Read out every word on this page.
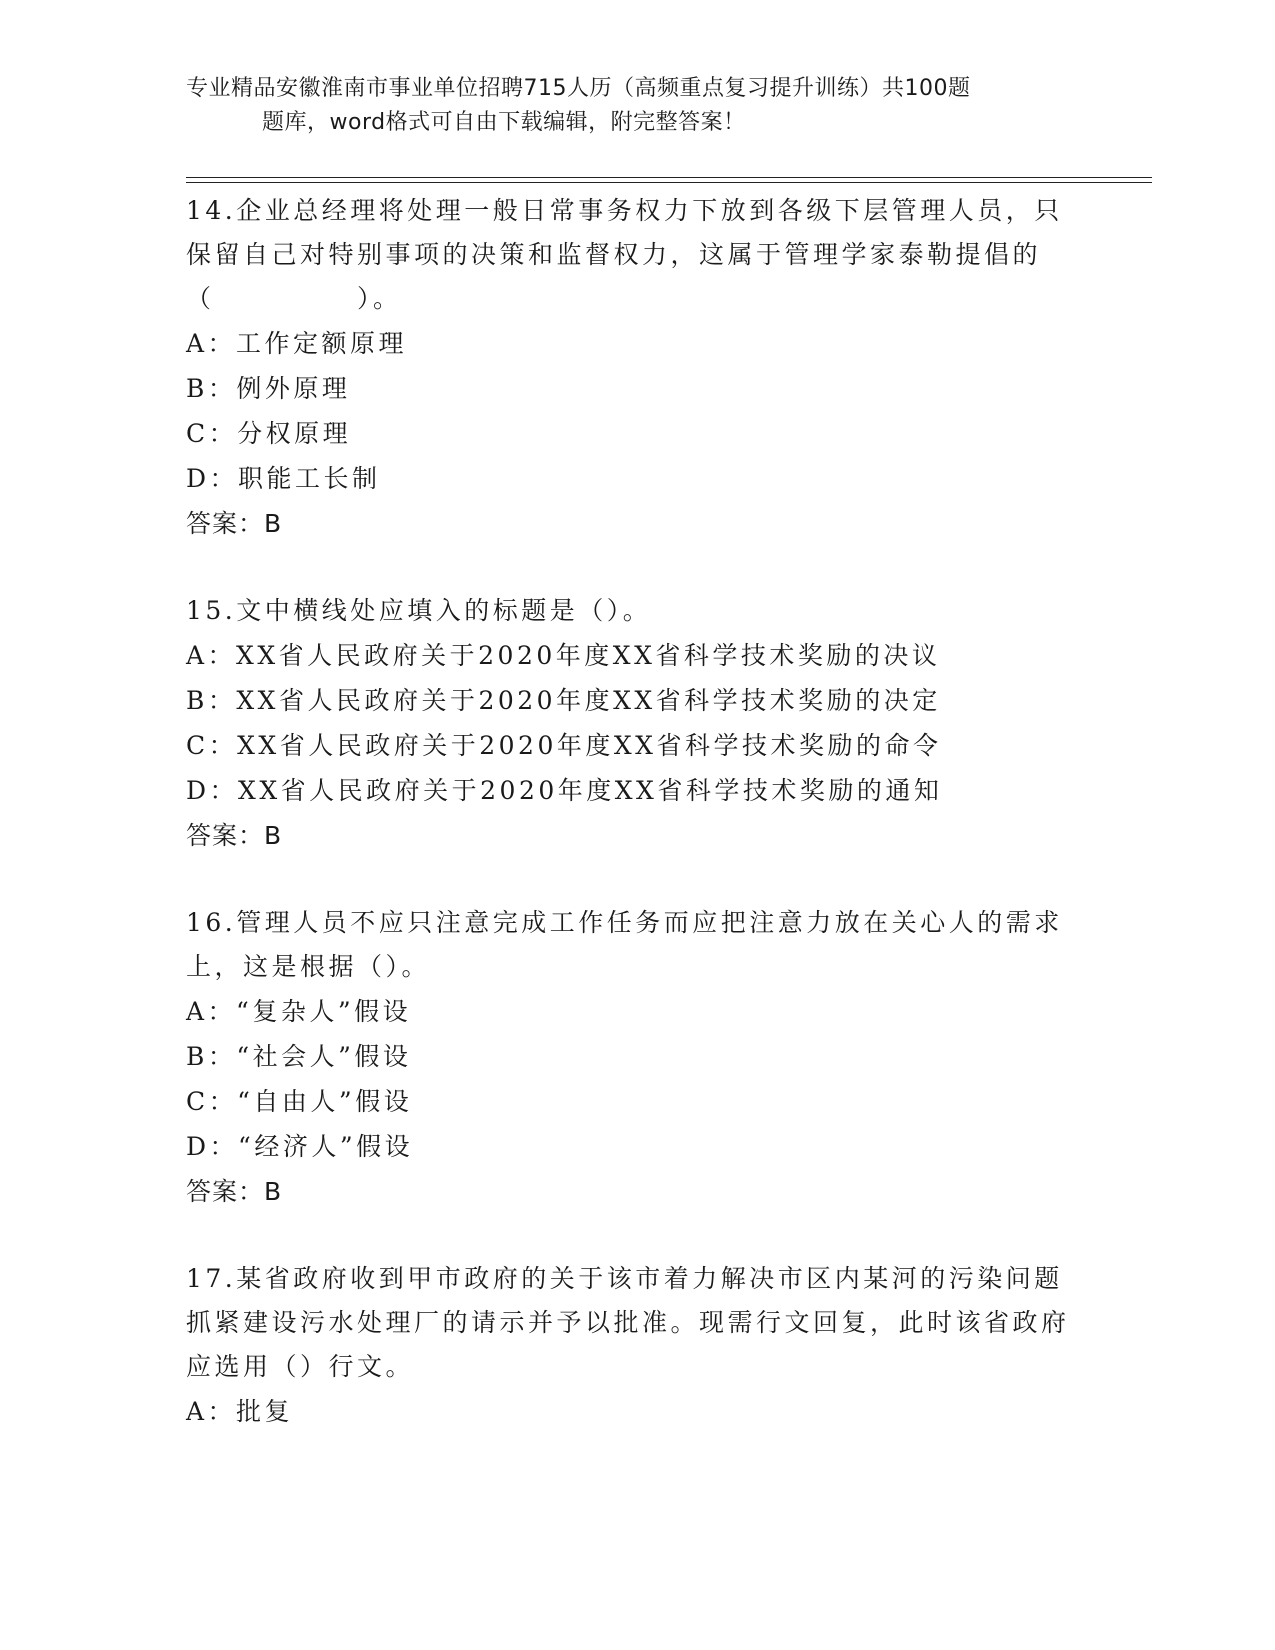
专业精品安徽淮南市事业单位招聘715人历（高频重点复习提升训练）共100题
题库，word格式可自由下载编辑，附完整答案！

14.企业总经理将处理一般日常事务权力下放到各级下层管理人员，只保留自己对特别事项的决策和监督权力，这属于管理学家泰勒提倡的（　　　　　）。

A：工作定额原理

B：例外原理

C：分权原理

D：职能工长制

答案：B

15.文中横线处应填入的标题是（）。

A：XX省人民政府关于2020年度XX省科学技术奖励的决议

B：XX省人民政府关于2020年度XX省科学技术奖励的决定

C：XX省人民政府关于2020年度XX省科学技术奖励的命令

D：XX省人民政府关于2020年度XX省科学技术奖励的通知

答案：B

16.管理人员不应只注意完成工作任务而应把注意力放在关心人的需求上，这是根据（）。

A：“复杂人”假设

B：“社会人”假设

C：“自由人”假设

D：“经济人”假设

答案：B

17.某省政府收到甲市政府的关于该市着力解决市区内某河的污染问题抓紧建设污水处理厂的请示并予以批准。现需行文回复，此时该省政府应选用（）行文。

A：批复
